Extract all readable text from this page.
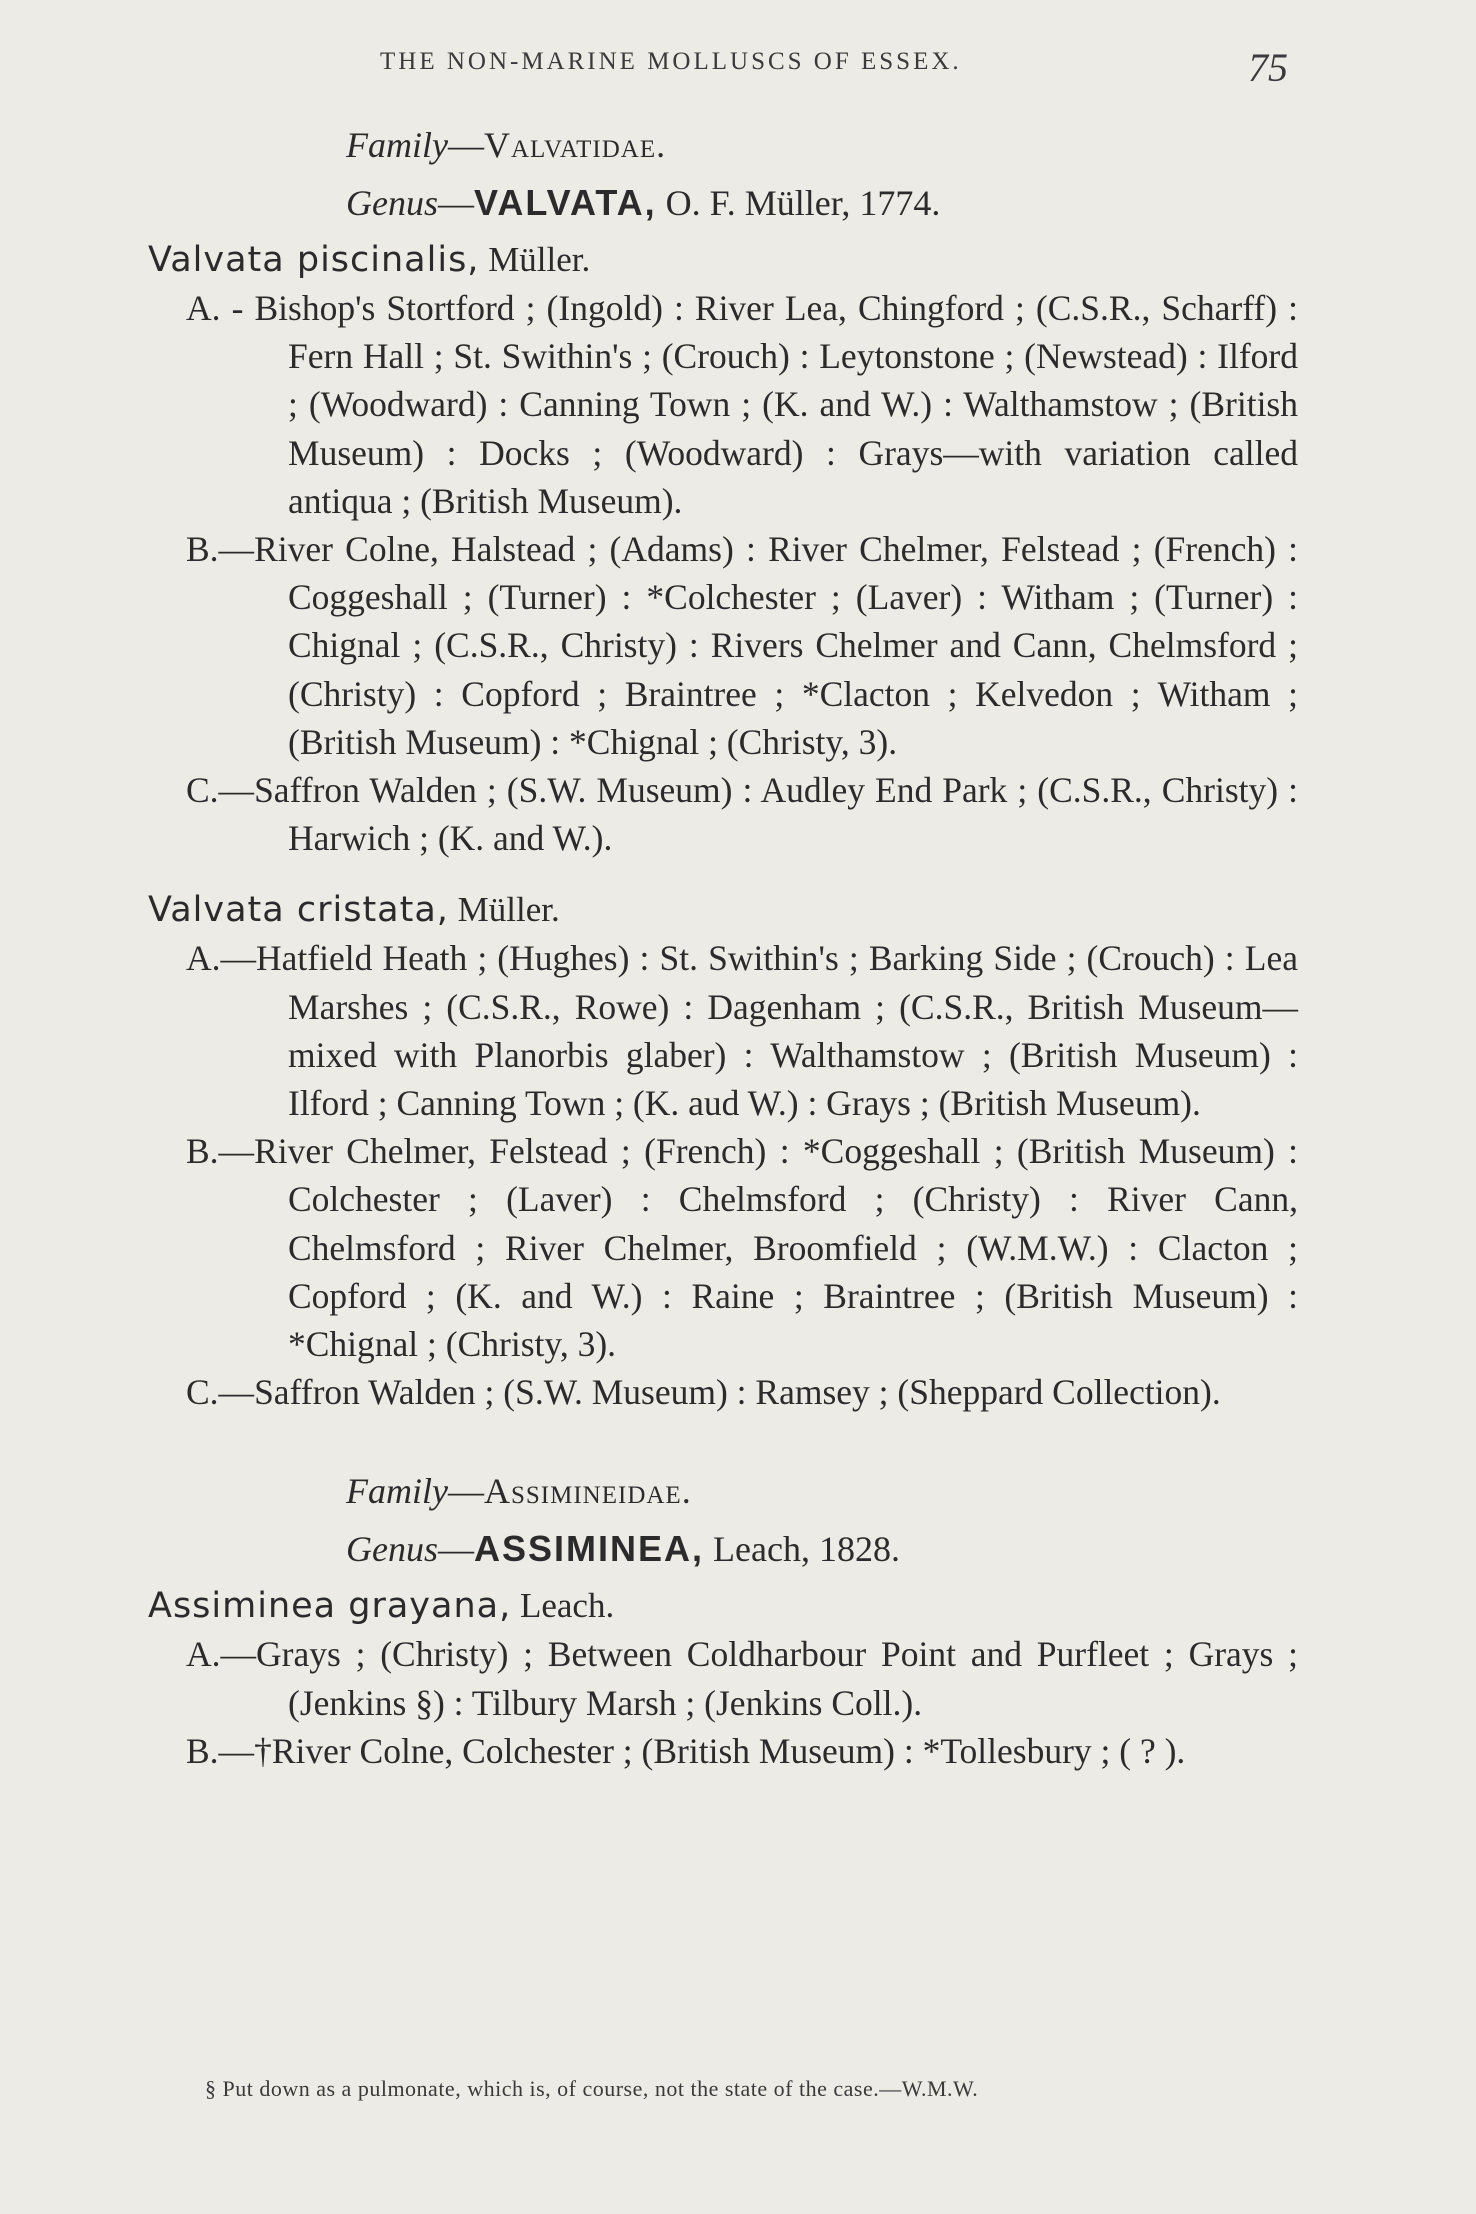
THE NON-MARINE MOLLUSCS OF ESSEX.	75
Family—Valvatidae.
Genus—VALVATA, O. F. Müller, 1774.
Valvata piscinalis, Müller.

A. - Bishop's Stortford ; (Ingold) : River Lea, Chingford ; (C.S.R., Scharff) : Fern Hall ; St. Swithin's ; (Crouch) : Leytonstone ; (Newstead) : Ilford ; (Woodward) : Canning Town ; (K. and W.) : Walthamstow ; (British Museum) : Docks ; (Woodward) : Grays—with variation called antiqua ; (British Museum).

B.—River Colne, Halstead ; (Adams) : River Chelmer, Felstead ; (French) : Coggeshall ; (Turner) : *Colchester ; (Laver) : Witham ; (Turner) : Chignal ; (C.S.R., Christy) : Rivers Chelmer and Cann, Chelmsford ; (Christy) : Copford ; Braintree ; *Clacton ; Kelvedon ; Witham ; (British Museum) : *Chignal ; (Christy, 3).

C.—Saffron Walden ; (S.W. Museum) : Audley End Park ; (C.S.R., Christy) : Harwich ; (K. and W.).

Valvata cristata, Müller.

A.—Hatfield Heath ; (Hughes) : St. Swithin's ; Barking Side ; (Crouch) : Lea Marshes ; (C.S.R., Rowe) : Dagenham ; (C.S.R., British Museum—mixed with Planorbis glaber) : Walthamstow ; (British Museum) : Ilford ; Canning Town ; (K. aud W.) : Grays ; (British Museum).

B.—River Chelmer, Felstead ; (French) : *Coggeshall ; (British Museum) : Colchester ; (Laver) : Chelmsford ; (Christy) : River Cann, Chelmsford ; River Chelmer, Broomfield ; (W.M.W.) : Clacton ; Copford ; (K. and W.) : Raine ; Braintree ; (British Museum) : *Chignal ; (Christy, 3).

C.—Saffron Walden ; (S.W. Museum) : Ramsey ; (Sheppard Collection).

Family—Assimineidae.
Genus—ASSIMINEA, Leach, 1828.
Assiminea grayana, Leach.

A.—Grays ; (Christy) ; Between Coldharbour Point and Purfleet ; Grays ; (Jenkins §) : Tilbury Marsh ; (Jenkins Coll.).

B.—†River Colne, Colchester ; (British Museum) : *Tollesbury ; ( ? ).

§ Put down as a pulmonate, which is, of course, not the state of the case.—W.M.W.
